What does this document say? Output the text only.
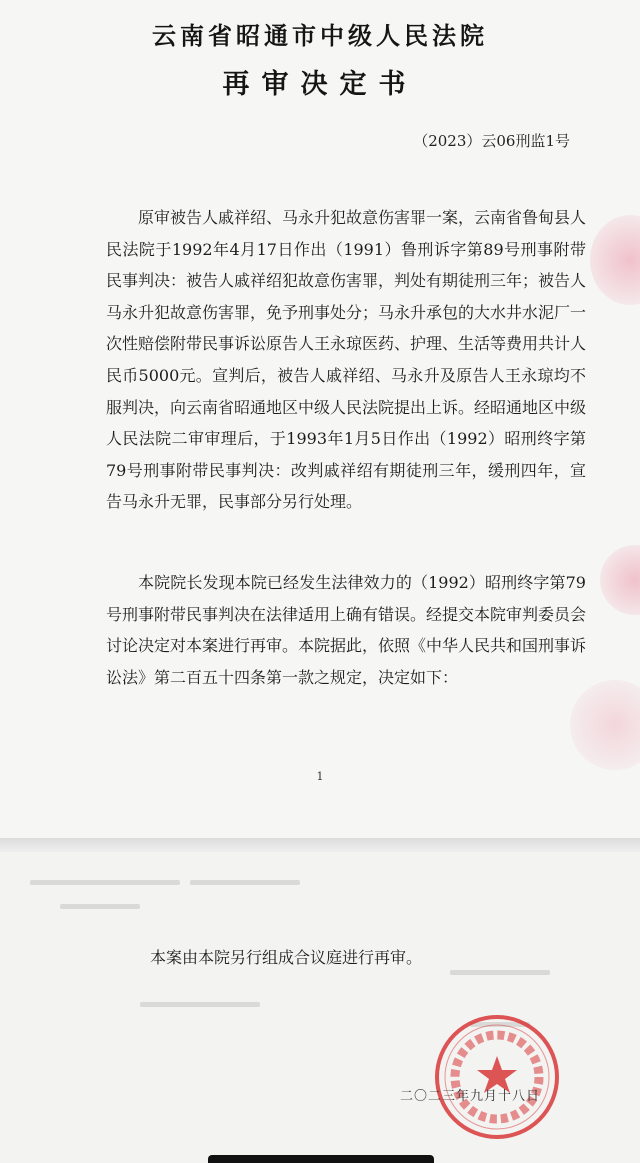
云南省昭通市中级人民法院
再审决定书
（2023）云06刑监1号
原审被告人戚祥绍、马永升犯故意伤害罪一案，云南省鲁甸县人民法院于1992年4月17日作出（1991）鲁刑诉字第89号刑事附带民事判决：被告人戚祥绍犯故意伤害罪，判处有期徒刑三年；被告人马永升犯故意伤害罪，免予刑事处分；马永升承包的大水井水泥厂一次性赔偿附带民事诉讼原告人王永琼医药、护理、生活等费用共计人民币5000元。宣判后，被告人戚祥绍、马永升及原告人王永琼均不服判决，向云南省昭通地区中级人民法院提出上诉。经昭通地区中级人民法院二审审理后，于1993年1月5日作出（1992）昭刑终字第79号刑事附带民事判决：改判戚祥绍有期徒刑三年，缓刑四年，宣告马永升无罪，民事部分另行处理。
本院院长发现本院已经发生法律效力的（1992）昭刑终字第79号刑事附带民事判决在法律适用上确有错误。经提交本院审判委员会讨论决定对本案进行再审。本院据此，依照《中华人民共和国刑事诉讼法》第二百五十四条第一款之规定，决定如下：
1
本案由本院另行组成合议庭进行再审。
二〇二三年九月十八日
